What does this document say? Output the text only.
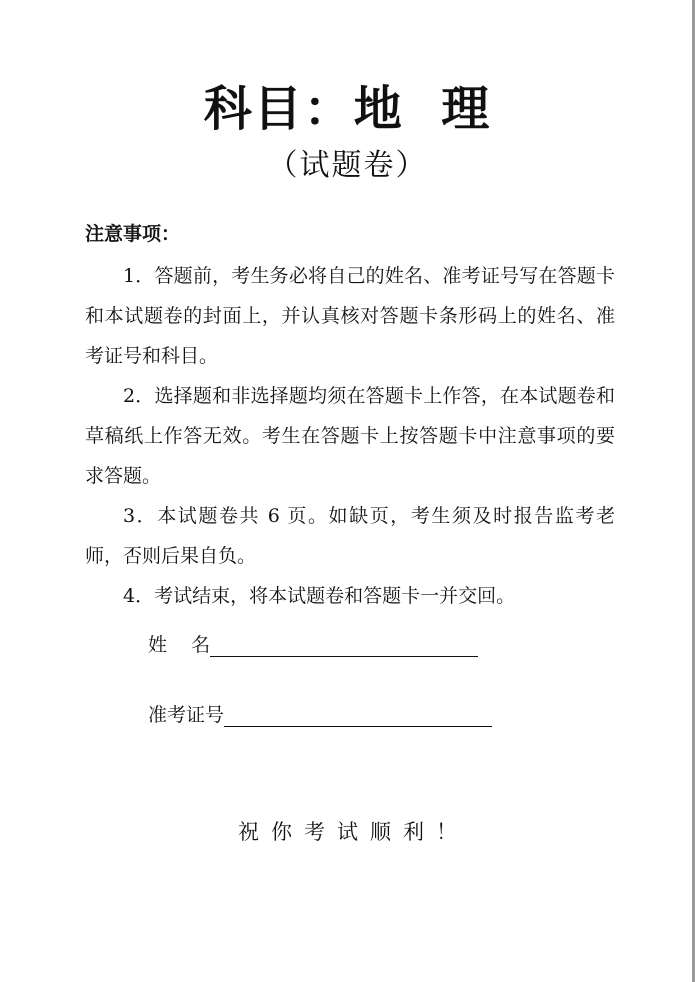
科目：地  理
（试题卷）
注意事项：

1．答题前，考生务必将自己的姓名、准考证号写在答题卡和本试题卷的封面上，并认真核对答题卡条形码上的姓名、准考证号和科目。

2．选择题和非选择题均须在答题卡上作答，在本试题卷和草稿纸上作答无效。考生在答题卡上按答题卡中注意事项的要求答题。

3．本试题卷共 6 页。如缺页，考生须及时报告监考老师，否则后果自负。

4．考试结束，将本试题卷和答题卡一并交回。

姓    名
准考证号
祝你考试顺利！
